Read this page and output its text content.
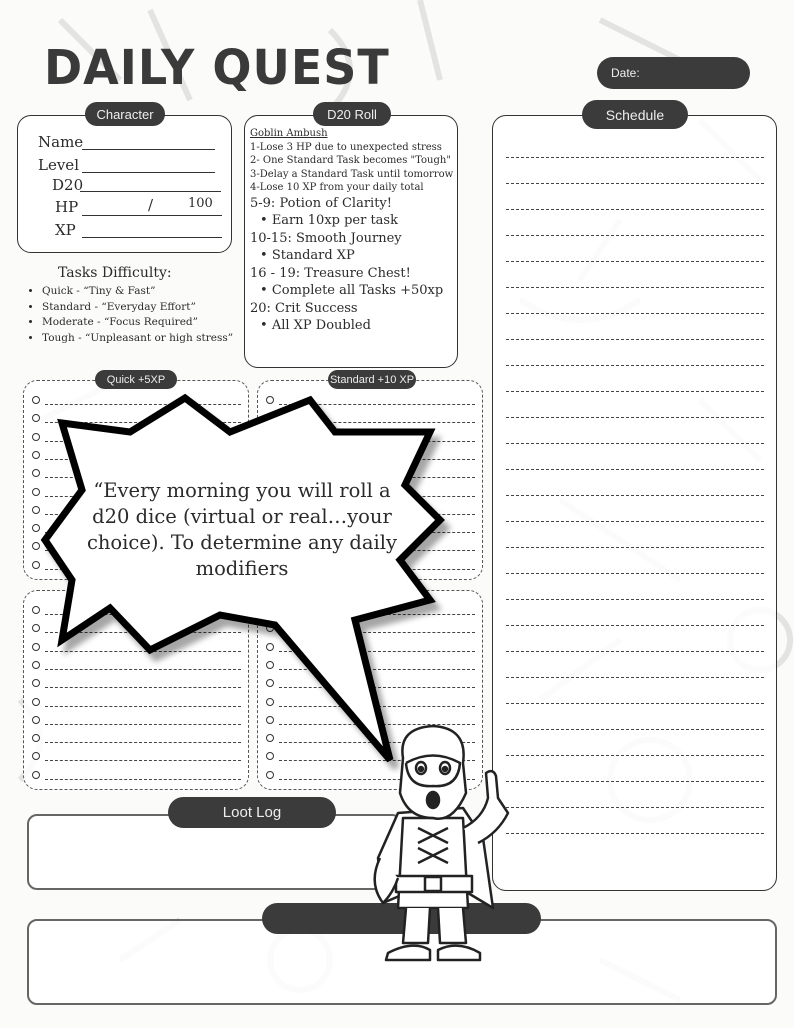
DAILY QUEST	Date:
Character
Name
Level
D20
HP	/	100
XP
Tasks Difficulty:
• Quick - “Tiny & Fast”
• Standard - “Everyday Effort”
• Moderate - “Focus Required”
• Tough - “Unpleasant or high stress”
D20 Roll
Goblin Ambush
1-Lose 3 HP due to unexpected stress
2- One Standard Task becomes "Tough"
3-Delay a Standard Task until tomorrow
4-Lose 10 XP from your daily total
5-9: Potion of Clarity!
• Earn 10xp per task
10-15: Smooth Journey
• Standard XP
16 - 19: Treasure Chest!
• Complete all Tasks +50xp
20: Crit Success
• All XP Doubled
Schedule
Quick +5XP	Standard +10 XP
Loot Log
“Every morning you will roll a d20 dice (virtual or real…your choice). To determine any daily modifiers
